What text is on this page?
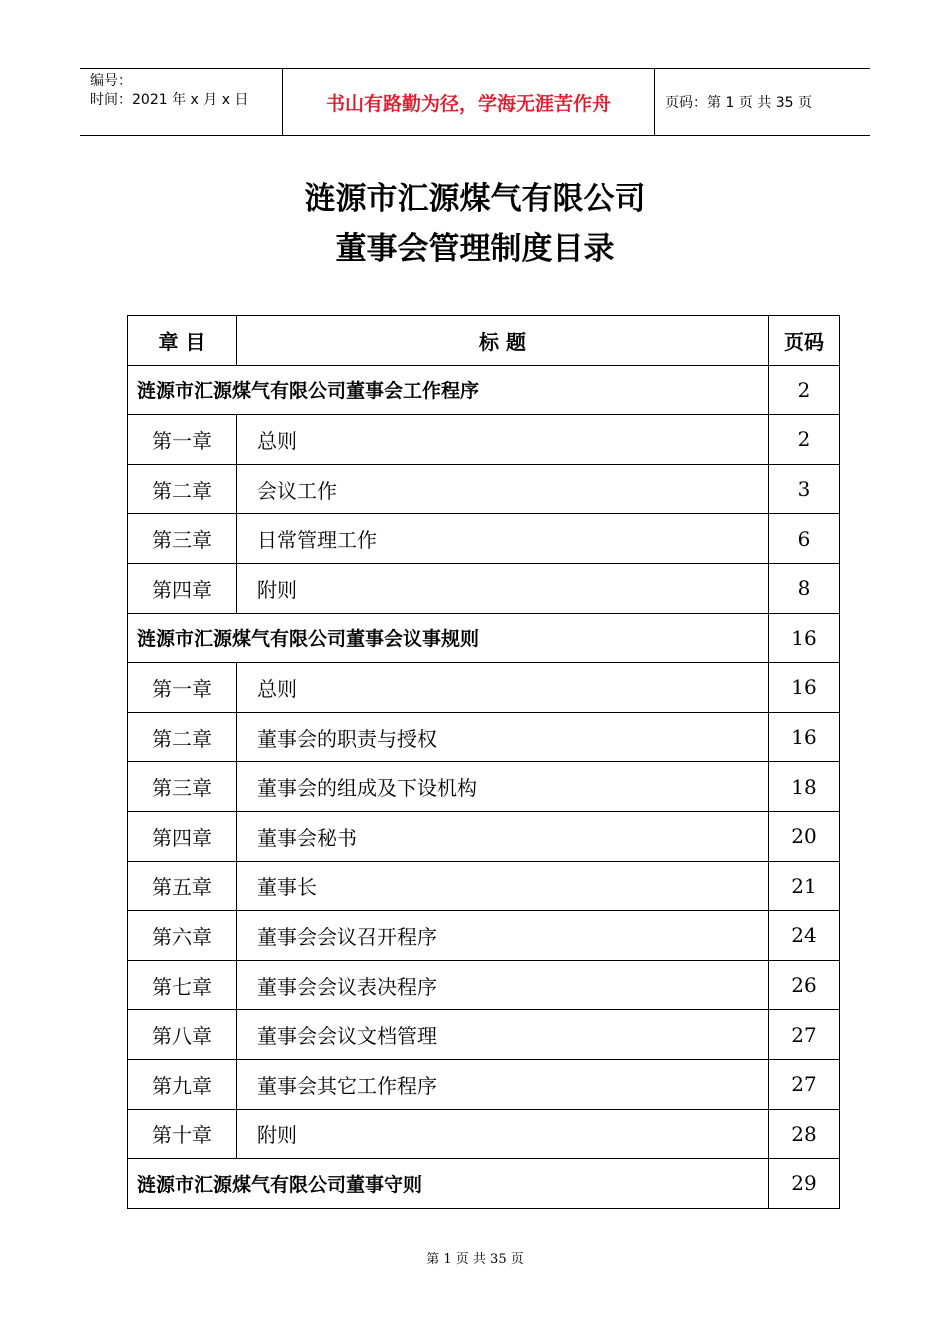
编号：
时间：2021 年 x 月 x 日	书山有路勤为径，学海无涯苦作舟	页码：第 1 页 共 35 页
涟源市汇源煤气有限公司
董事会管理制度目录
章 目	标 题	页码
涟源市汇源煤气有限公司董事会工作程序		2
第一章	总则	2
第二章	会议工作	3
第三章	日常管理工作	6
第四章	附则	8
涟源市汇源煤气有限公司董事会议事规则		16
第一章	总则	16
第二章	董事会的职责与授权	16
第三章	董事会的组成及下设机构	18
第四章	董事会秘书	20
第五章	董事长	21
第六章	董事会会议召开程序	24
第七章	董事会会议表决程序	26
第八章	董事会会议文档管理	27
第九章	董事会其它工作程序	27
第十章	附则	28
涟源市汇源煤气有限公司董事守则		29
第 1 页 共 35 页
